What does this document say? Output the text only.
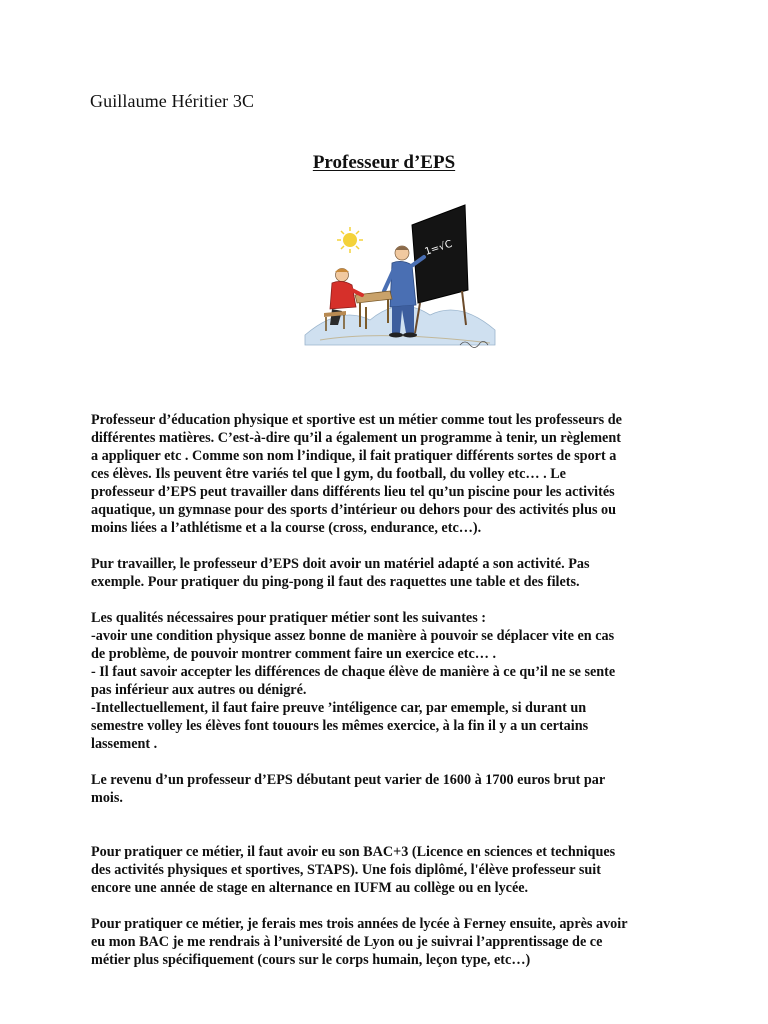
Guillaume Héritier 3C
Professeur d’EPS
1=√C
Professeur d’éducation physique et sportive est un métier comme tout les professeurs de
différentes matières. C’est-à-dire qu’il a également un programme à tenir, un règlement
a appliquer etc . Comme son nom l’indique, il fait pratiquer différents sortes de sport a
ces élèves. Ils peuvent être variés tel que l gym, du football, du volley etc… . Le
professeur d’EPS peut travailler dans différents lieu tel qu’un piscine pour les activités
aquatique, un gymnase pour des sports d’intérieur ou dehors pour des activités plus ou
moins liées a l’athlétisme et a la course (cross, endurance, etc…).
Pur travailler, le professeur d’EPS doit avoir un matériel adapté a son activité. Pas
exemple. Pour pratiquer du ping-pong il faut des raquettes une table et des filets.
Les qualités nécessaires pour pratiquer métier sont les suivantes :
-avoir une condition physique assez bonne de manière à pouvoir se déplacer vite en cas
de problème, de pouvoir montrer comment faire un exercice etc… .
- Il faut savoir accepter les différences de chaque élève de manière à ce qu’il ne se sente
pas inférieur aux autres ou dénigré.
-Intellectuellement, il faut faire preuve ’intéligence car, par ememple, si durant un
semestre volley les élèves font touours les mêmes exercice, à la fin il y a un certains
lassement .
Le revenu d’un professeur d’EPS débutant peut varier de 1600 à 1700 euros brut par
mois.
Pour pratiquer ce métier, il faut avoir eu son BAC+3 (Licence en sciences et techniques
des activités physiques et sportives, STAPS). Une fois diplômé, l'élève professeur suit
encore une année de stage en alternance en IUFM au collège ou en lycée.
Pour pratiquer ce métier, je ferais mes trois années de lycée à Ferney ensuite, après avoir
eu mon BAC je me rendrais à l’université de Lyon ou je suivrai l’apprentissage de ce
métier plus spécifiquement (cours sur le corps humain, leçon type, etc…)
